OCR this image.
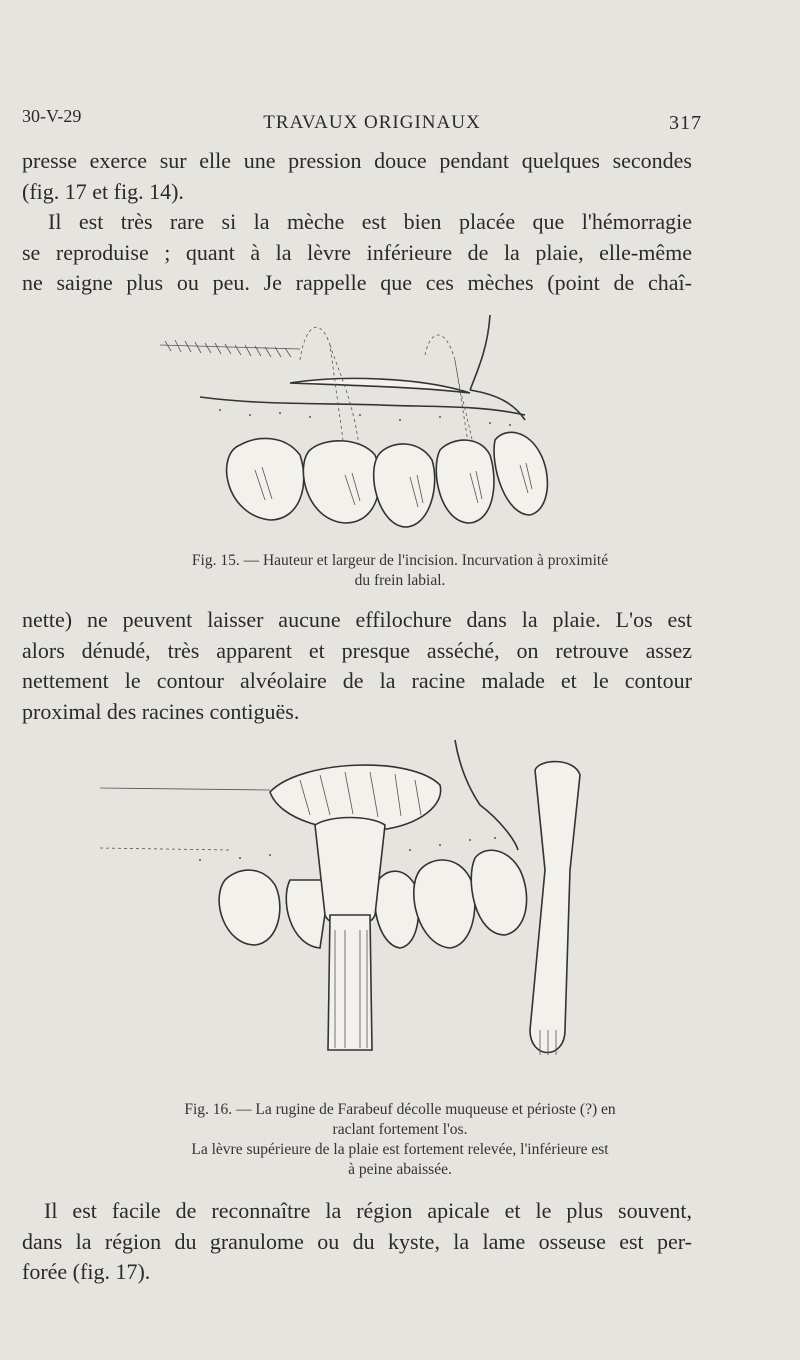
30-V-29	TRAVAUX ORIGINAUX	317
presse exerce sur elle une pression douce pendant quelques secondes
(fig. 17 et fig. 14).
Il est très rare si la mèche est bien placée que l'hémorragie
se reproduise ; quant à la lèvre inférieure de la plaie, elle-même
ne saigne plus ou peu. Je rappelle que ces mèches (point de chaî-
Fig. 15. — Hauteur et largeur de l'incision. Incurvation à proximité
du frein labial.
nette) ne peuvent laisser aucune effilochure dans la plaie. L'os est
alors dénudé, très apparent et presque asséché, on retrouve assez
nettement le contour alvéolaire de la racine malade et le contour
proximal des racines contiguës.
Fig. 16. — La rugine de Farabeuf décolle muqueuse et périoste (?) en
raclant fortement l'os.
La lèvre supérieure de la plaie est fortement relevée, l'inférieure est
à peine abaissée.
Il est facile de reconnaître la région apicale et le plus souvent,
dans la région du granulome ou du kyste, la lame osseuse est per-
forée (fig. 17).
